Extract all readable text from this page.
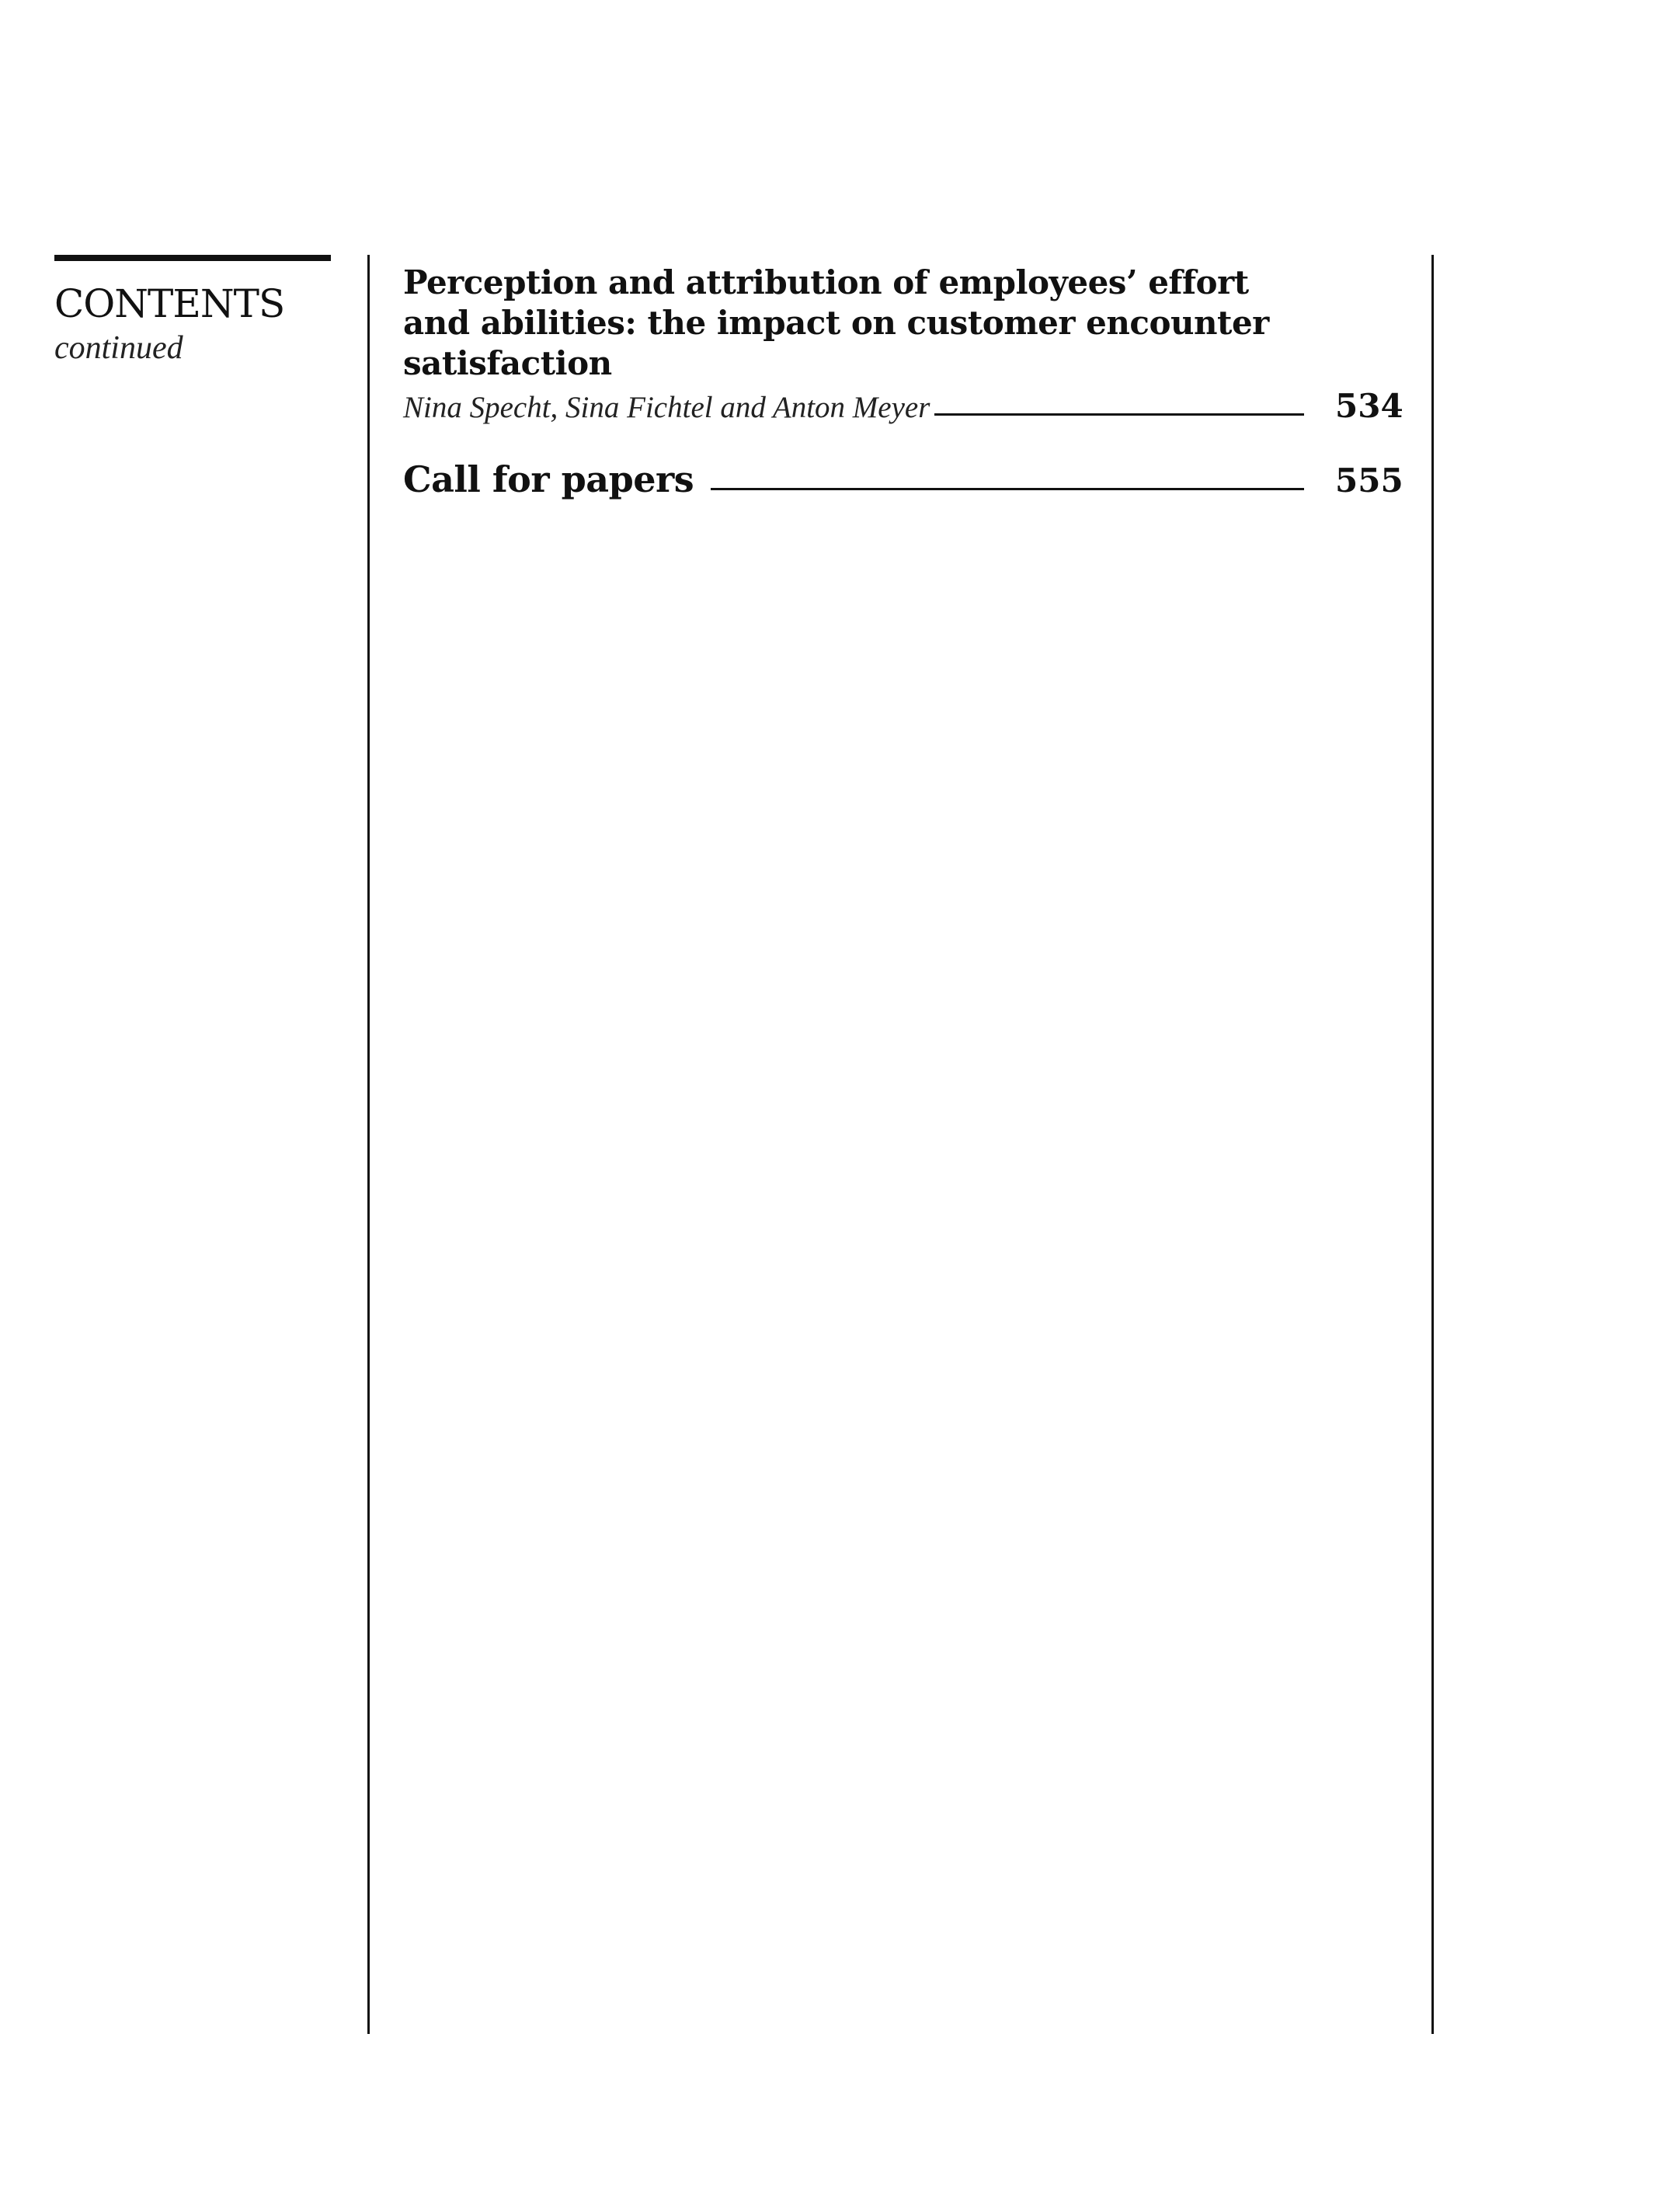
CONTENTS
continued
Perception and attribution of employees’ effort
and abilities: the impact on customer encounter
satisfaction
Nina Specht, Sina Fichtel and Anton Meyer	534
Call for papers	555
